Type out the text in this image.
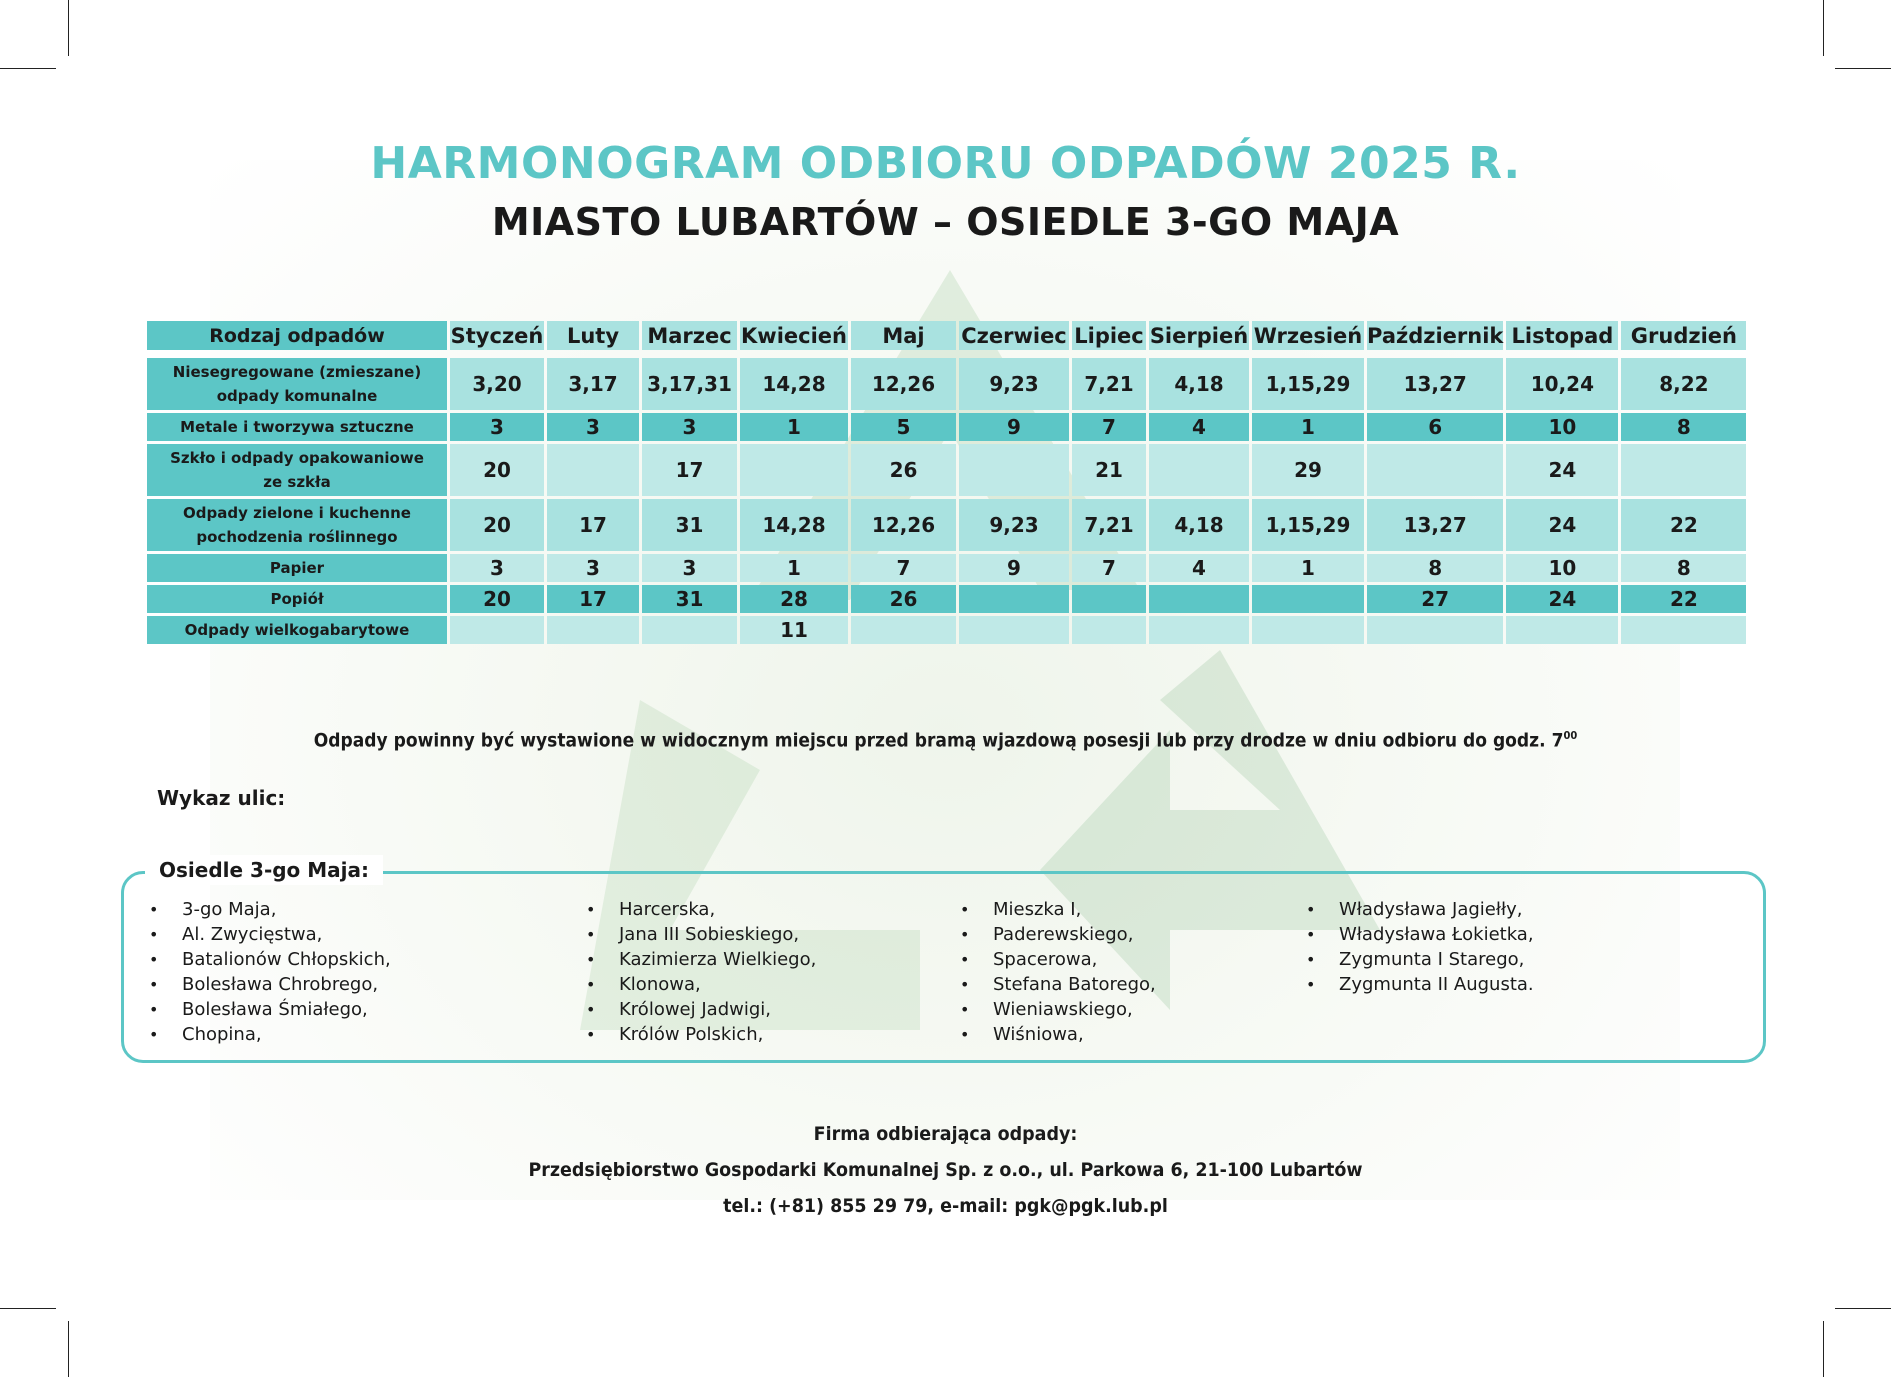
HARMONOGRAM ODBIORU ODPADÓW 2025 R.
MIASTO LUBARTÓW – OSIEDLE 3-GO MAJA
Rodzaj odpadów	Styczeń	Luty	Marzec	Kwiecień	Maj	Czerwiec	Lipiec	Sierpień	Wrzesień	Październik	Listopad	Grudzień

Niesegregowane (zmieszane)
odpady komunalne	3,20	3,17	3,17,31	14,28	12,26	9,23	7,21	4,18	1,15,29	13,27	10,24	8,22

Metale i tworzywa sztuczne	3	3	3	1	5	9	7	4	1	6	10	8

Szkło i odpady opakowaniowe
ze szkła	20		17		26		21		29		24	

Odpady zielone i kuchenne
pochodzenia roślinnego	20	17	31	14,28	12,26	9,23	7,21	4,18	1,15,29	13,27	24	22

Papier	3	3	3	1	7	9	7	4	1	8	10	8

Popiół	20	17	31	28	26					27	24	22

Odpady wielkogabarytowe				11								

Odpady powinny być wystawione w widocznym miejscu przed bramą wjazdową posesji lub przy drodze w dniu odbioru do godz. $7^{00}$

Wykaz ulic:

Osiedle 3-go Maja:

• 3-go Maja,
• Al. Zwycięstwa,
• Batalionów Chłopskich,
• Bolesława Chrobrego,
• Bolesława Śmiałego,
• Chopina,
• Harcerska,
• Jana III Sobieskiego,
• Kazimierza Wielkiego,
• Klonowa,
• Królowej Jadwigi,
• Królów Polskich,
• Mieszka I,
• Paderewskiego,
• Spacerowa,
• Stefana Batorego,
• Wieniawskiego,
• Wiśniowa,
• Władysława Jagiełły,
• Władysława Łokietka,
• Zygmunta I Starego,
• Zygmunta II Augusta.

Firma odbierająca odpady:

Przedsiębiorstwo Gospodarki Komunalnej Sp. z o.o., ul. Parkowa 6, 21-100 Lubartów

tel.: (+81) 855 29 79, e-mail: pgk@pgk.lub.pl
